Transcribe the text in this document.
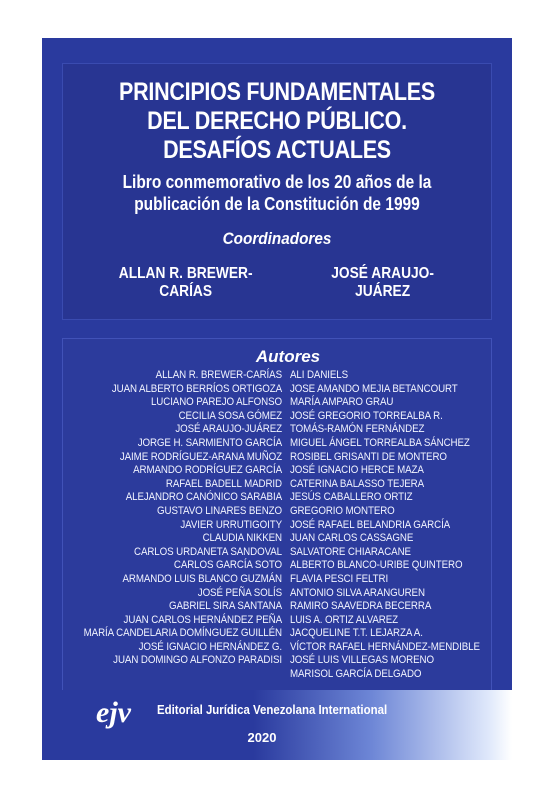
PRINCIPIOS FUNDAMENTALES
DEL DERECHO PÚBLICO.
DESAFÍOS ACTUALES
Libro conmemorativo de los 20 años de la
publicación de la Constitución de 1999
Coordinadores
ALLAN R. BREWER-CARÍAS
JOSÉ ARAUJO-JUÁREZ
Autores
ALLAN R. BREWER-CARÍAS
JUAN ALBERTO BERRÍOS ORTIGOZA
LUCIANO PAREJO ALFONSO
CECILIA SOSA GÓMEZ
JOSÉ ARAUJO-JUÁREZ
JORGE H. SARMIENTO GARCÍA
JAIME RODRÍGUEZ-ARANA MUÑOZ
ARMANDO RODRÍGUEZ GARCÍA
RAFAEL BADELL MADRID
ALEJANDRO CANÓNICO SARABIA
GUSTAVO LINARES BENZO
JAVIER URRUTIGOITY
CLAUDIA NIKKEN
CARLOS URDANETA SANDOVAL
CARLOS GARCÍA SOTO
ARMANDO LUIS BLANCO GUZMÁN
JOSÉ PEÑA SOLÍS
GABRIEL SIRA SANTANA
JUAN CARLOS HERNÁNDEZ PEÑA
MARÍA CANDELARIA DOMÍNGUEZ GUILLÉN
JOSÉ IGNACIO HERNÁNDEZ G.
JUAN DOMINGO ALFONZO PARADISI
ALI DANIELS
JOSE AMANDO MEJIA BETANCOURT
MARÍA AMPARO GRAU
JOSÉ GREGORIO TORREALBA R.
TOMÁS-RAMÓN FERNÁNDEZ
MIGUEL ÁNGEL TORREALBA SÁNCHEZ
ROSIBEL GRISANTI DE MONTERO
JOSÉ IGNACIO HERCE MAZA
CATERINA BALASSO TEJERA
JESÚS CABALLERO ORTIZ
GREGORIO MONTERO
JOSÉ RAFAEL BELANDRIA GARCÍA
JUAN CARLOS CASSAGNE
SALVATORE CHIARACANE
ALBERTO BLANCO-URIBE QUINTERO
FLAVIA PESCI FELTRI
ANTONIO SILVA ARANGUREN
RAMIRO SAAVEDRA BECERRA
LUIS A. ORTIZ ALVAREZ
JACQUELINE T.T. LEJARZA A.
VÍCTOR RAFAEL HERNÁNDEZ-MENDIBLE
JOSÉ LUIS VILLEGAS MORENO
MARISOL GARCÍA DELGADO
ejv Editorial Jurídica Venezolana International
2020
